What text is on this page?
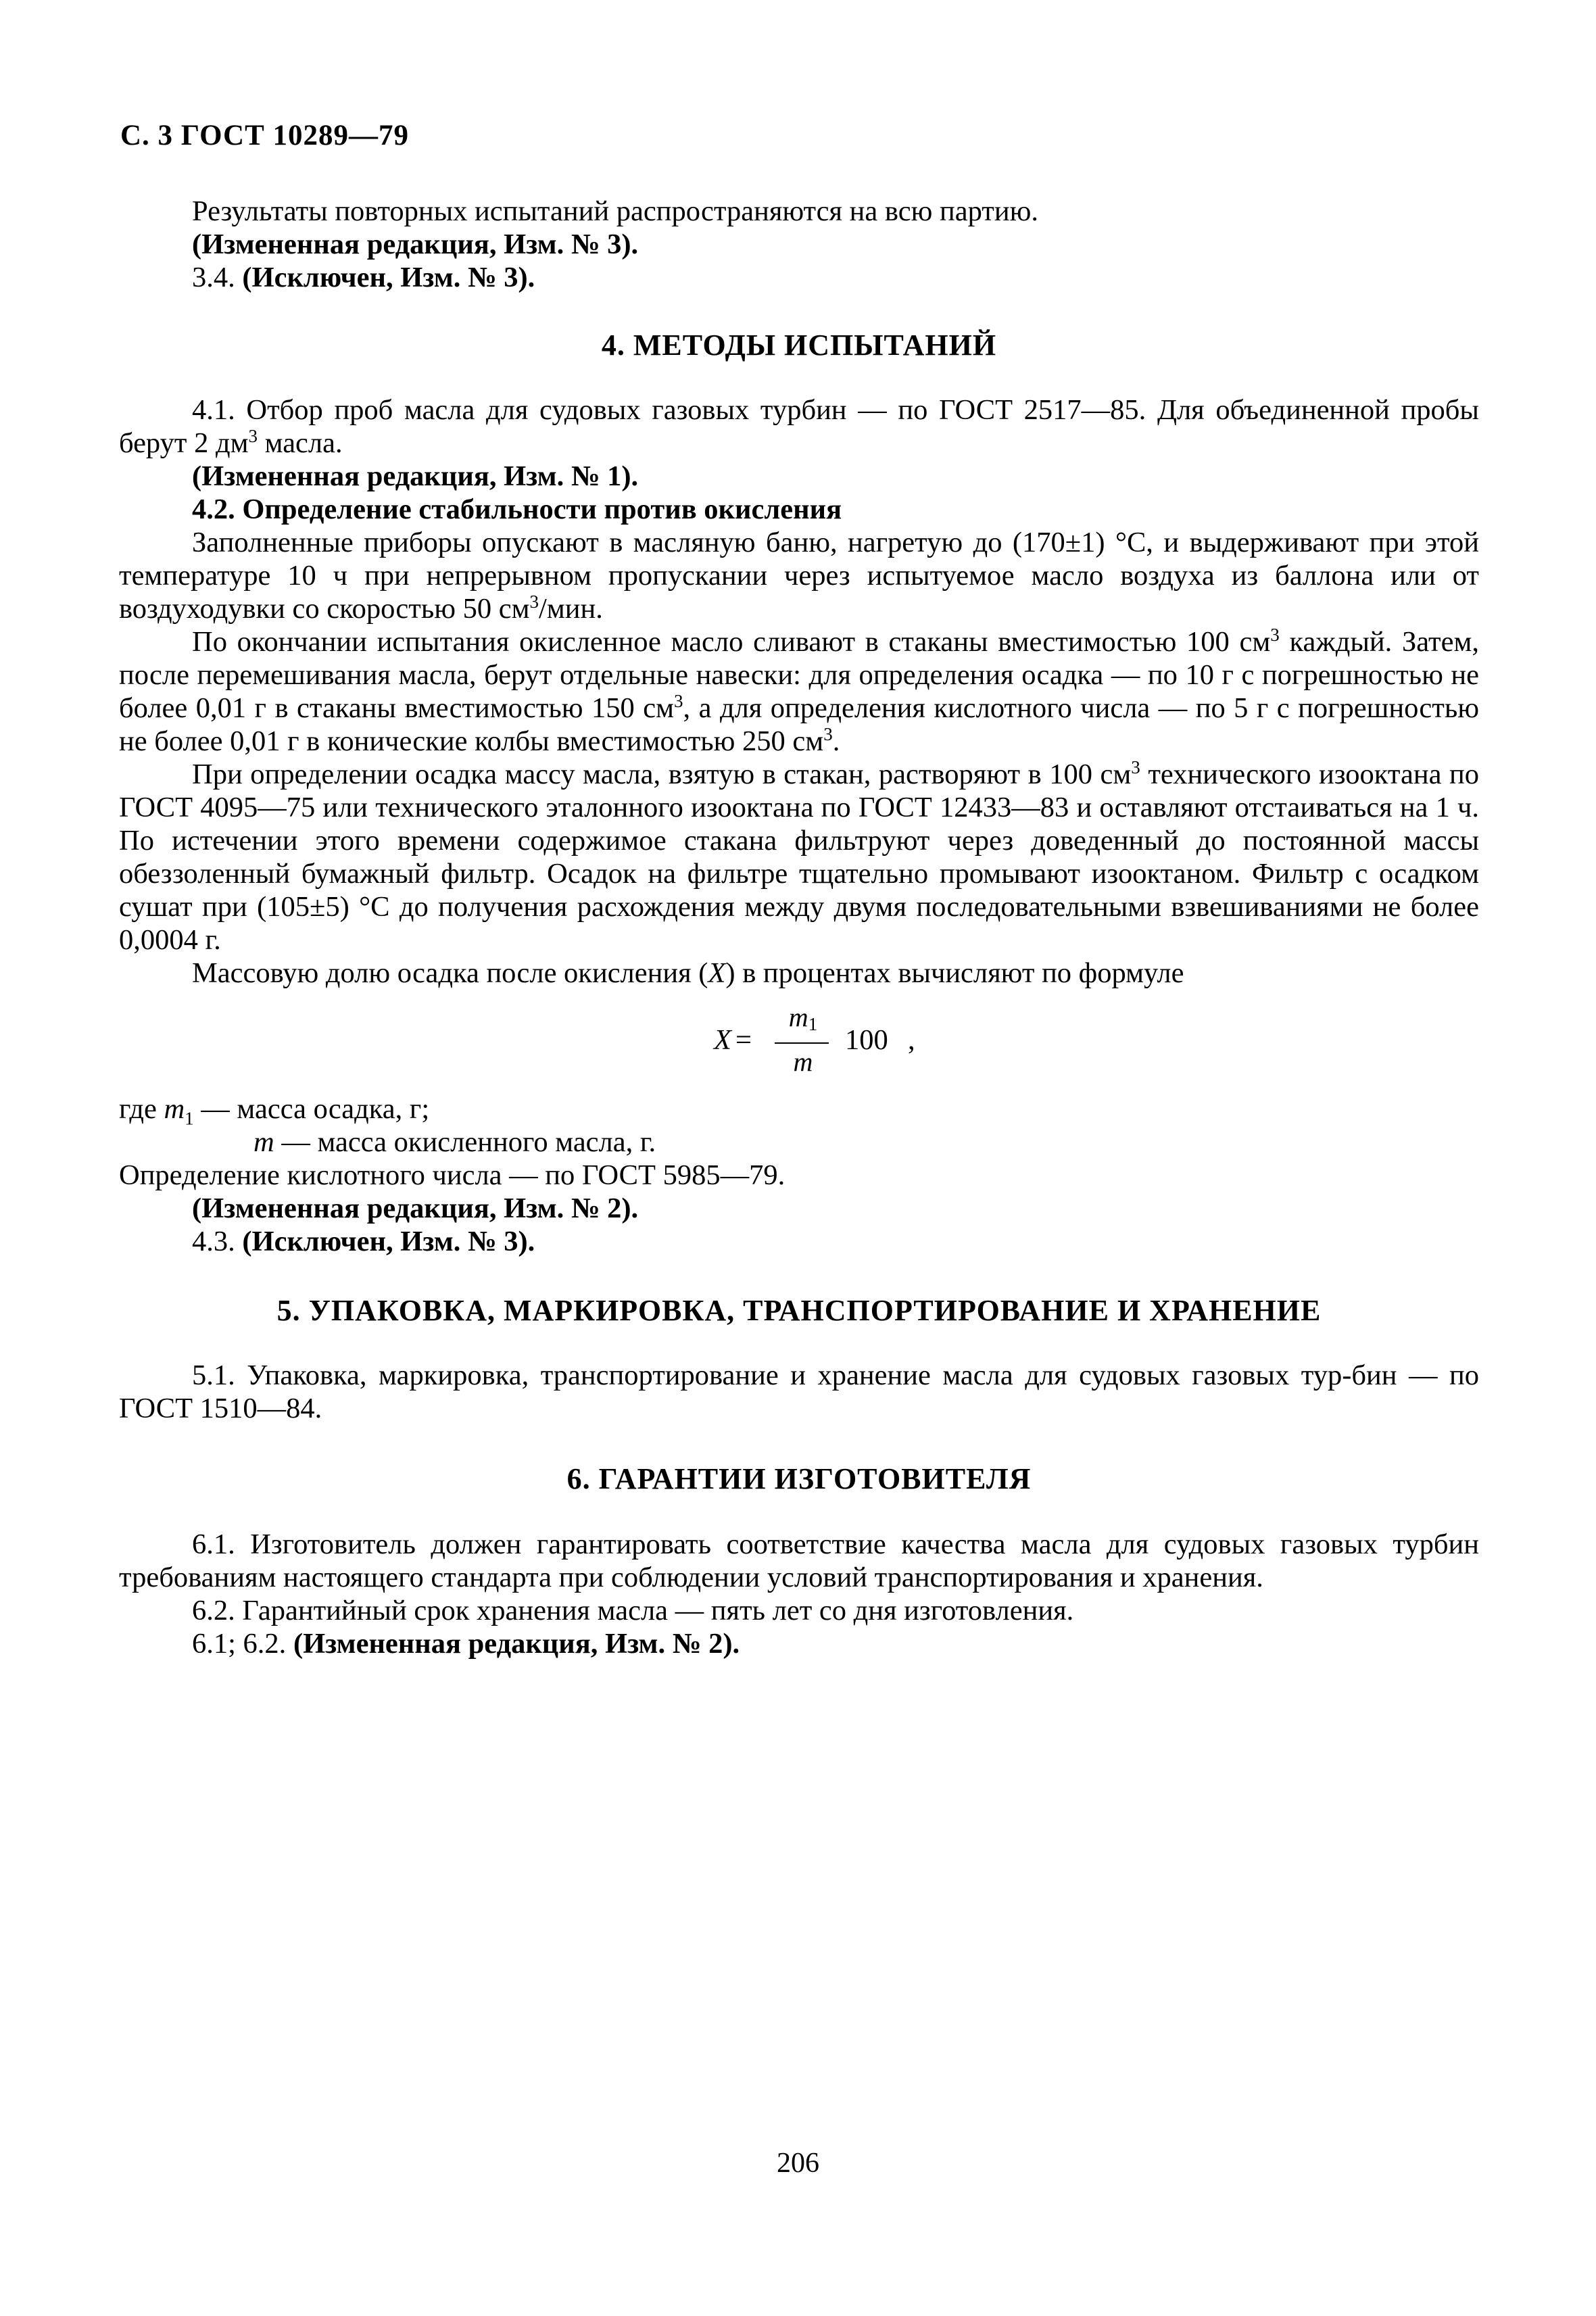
С. 3 ГОСТ 10289—79

Результаты повторных испытаний распространяются на всю партию.

(Измененная редакция, Изм. № 3).

3.4. (Исключен, Изм. № 3).

4. МЕТОДЫ ИСПЫТАНИЙ

4.1. Отбор проб масла для судовых газовых турбин — по ГОСТ 2517—85. Для объединенной пробы берут 2 $дм^3$ масла.

(Измененная редакция, Изм. № 1).

4.2. Определение стабильности против окисления

Заполненные приборы опускают в масляную баню, нагретую до (170±1) °С, и выдерживают при этой температуре 10 ч при непрерывном пропускании через испытуемое масло воздуха из баллона или от воздуходувки со скоростью 50 $см^3$/мин.

По окончании испытания окисленное масло сливают в стаканы вместимостью 100 $см^3$ каждый. Затем, после перемешивания масла, берут отдельные навески: для определения осадка — по 10 г с погрешностью не более 0,01 г в стаканы вместимостью 150 $см^3$, а для определения кислотного числа — по 5 г с погрешностью не более 0,01 г в конические колбы вместимостью 250 $см^3$.

При определении осадка массу масла, взятую в стакан, растворяют в 100 $см^3$ технического изооктана по ГОСТ 4095—75 или технического эталонного изооктана по ГОСТ 12433—83 и оставляют отстаиваться на 1 ч. По истечении этого времени содержимое стакана фильтруют через доведенный до постоянной массы обеззоленный бумажный фильтр. Осадок на фильтре тщательно промывают изооктаном. Фильтр с осадком сушат при (105±5) °С до получения расхождения между двумя последовательными взвешиваниями не более 0,0004 г.

Массовую долю осадка после окисления (X) в процентах вычисляют по формуле

X =
$m_1$
m
100 ,

где $m_1$ — масса осадка, г;

m — масса окисленного масла, г.

Определение кислотного числа — по ГОСТ 5985—79.

(Измененная редакция, Изм. № 2).

4.3. (Исключен, Изм. № 3).

5. УПАКОВКА, МАРКИРОВКА, ТРАНСПОРТИРОВАНИЕ И ХРАНЕНИЕ

5.1. Упаковка, маркировка, транспортирование и хранение масла для судовых газовых тур-бин — по ГОСТ 1510—84.

6. ГАРАНТИИ ИЗГОТОВИТЕЛЯ

6.1. Изготовитель должен гарантировать соответствие качества масла для судовых газовых турбин требованиям настоящего стандарта при соблюдении условий транспортирования и хранения.

6.2. Гарантийный срок хранения масла — пять лет со дня изготовления.

6.1; 6.2. (Измененная редакция, Изм. № 2).

206
